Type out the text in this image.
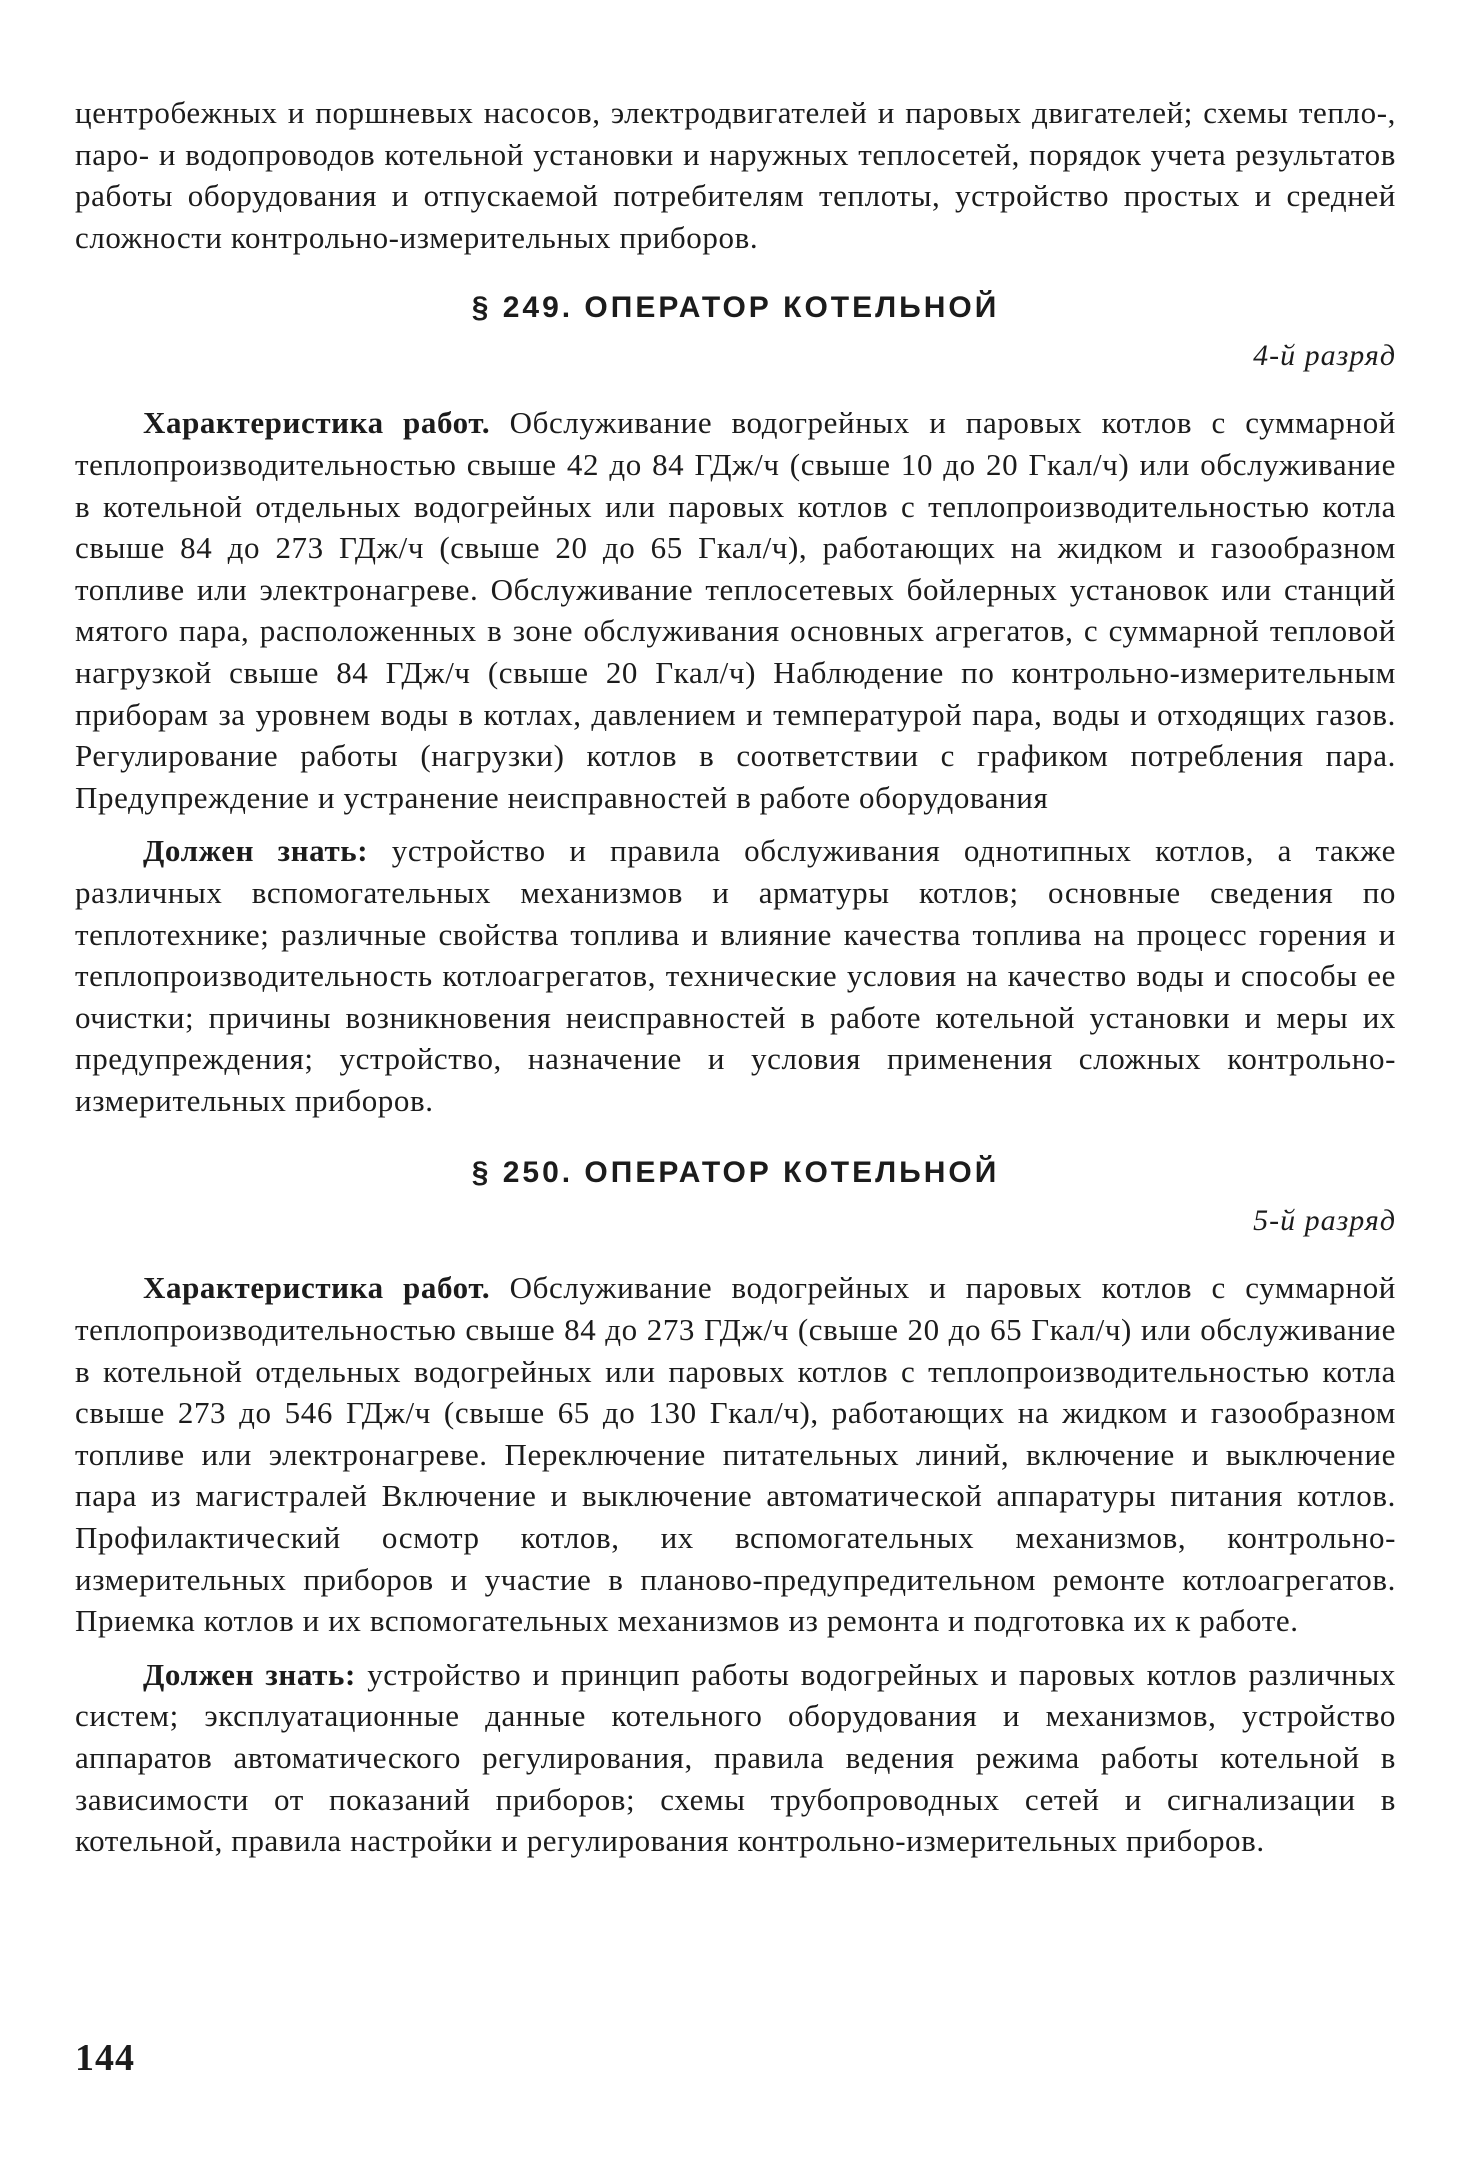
центробежных и поршневых насосов, электродвигателей и паровых двигателей; схемы тепло-, паро- и водопроводов котельной установки и наружных теплосетей, порядок учета результатов работы оборудования и отпускаемой потребителям теплоты, устройство простых и средней сложности контрольно-измерительных приборов.

§ 249. ОПЕРАТОР КОТЕЛЬНОЙ
4-й разряд

Характеристика работ. Обслуживание водогрейных и паровых котлов с суммарной теплопроизводительностью свыше 42 до 84 ГДж/ч (свыше 10 до 20 Гкал/ч) или обслуживание в котельной отдельных водогрейных или паровых котлов с теплопроизводительностью котла свыше 84 до 273 ГДж/ч (свыше 20 до 65 Гкал/ч), работающих на жидком и газообразном топливе или электронагреве. Обслуживание теплосетевых бойлерных установок или станций мятого пара, расположенных в зоне обслуживания основных агрегатов, с суммарной тепловой нагрузкой свыше 84 ГДж/ч (свыше 20 Гкал/ч) Наблюдение по контрольно-измерительным приборам за уровнем воды в котлах, давлением и температурой пара, воды и отходящих газов. Регулирование работы (нагрузки) котлов в соответствии с графиком потребления пара. Предупреждение и устранение неисправностей в работе оборудования

Должен знать: устройство и правила обслуживания однотипных котлов, а также различных вспомогательных механизмов и арматуры котлов; основные сведения по теплотехнике; различные свойства топлива и влияние качества топлива на процесс горения и теплопроизводительность котлоагрегатов, технические условия на качество воды и способы ее очистки; причины возникновения неисправностей в работе котельной установки и меры их предупреждения; устройство, назначение и условия применения сложных контрольно-измерительных приборов.

§ 250. ОПЕРАТОР КОТЕЛЬНОЙ
5-й разряд

Характеристика работ. Обслуживание водогрейных и паровых котлов с суммарной теплопроизводительностью свыше 84 до 273 ГДж/ч (свыше 20 до 65 Гкал/ч) или обслуживание в котельной отдельных водогрейных или паровых котлов с теплопроизводительностью котла свыше 273 до 546 ГДж/ч (свыше 65 до 130 Гкал/ч), работающих на жидком и газообразном топливе или электронагреве. Переключение питательных линий, включение и выключение пара из магистралей Включение и выключение автоматической аппаратуры питания котлов. Профилактический осмотр котлов, их вспомогательных механизмов, контрольно-измерительных приборов и участие в планово-предупредительном ремонте котлоагрегатов. Приемка котлов и их вспомогательных механизмов из ремонта и подготовка их к работе.

Должен знать: устройство и принцип работы водогрейных и паровых котлов различных систем; эксплуатационные данные котельного оборудования и механизмов, устройство аппаратов автоматического регулирования, правила ведения режима работы котельной в зависимости от показаний приборов; схемы трубопроводных сетей и сигнализации в котельной, правила настройки и регулирования контрольно-измерительных приборов.

144
